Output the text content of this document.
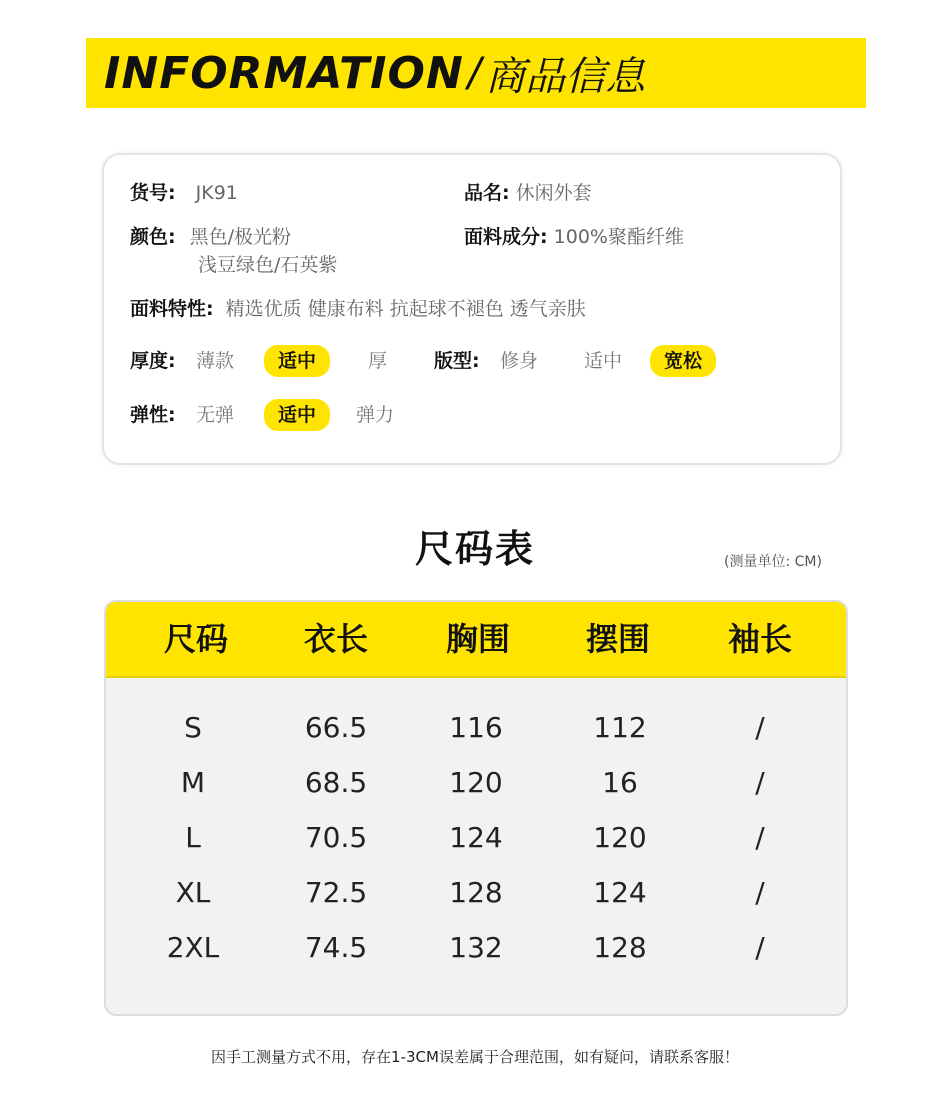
INFORMATION / 商品信息
货号: JK91	品名: 休闲外套
颜色: 黑色/极光粉
浅豆绿色/石英紫
面料成分: 100%聚酯纤维
面料特性: 精选优质 健康布料 抗起球不褪色 透气亲肤
厚度: 薄款	适中	厚 版型: 修身 适中	宽松
弹性: 无弹	适中	弹力
尺码表	(测量单位: CM)
尺码	衣长	胸围	摆围	袖长
S	66.5	116	112	/
M	68.5	120	16	/
L	70.5	124	120	/
XL	72.5	128	124	/
2XL	74.5	132	128	/
因手工测量方式不用，存在1-3CM误差属于合理范围，如有疑问，请联系客服！
